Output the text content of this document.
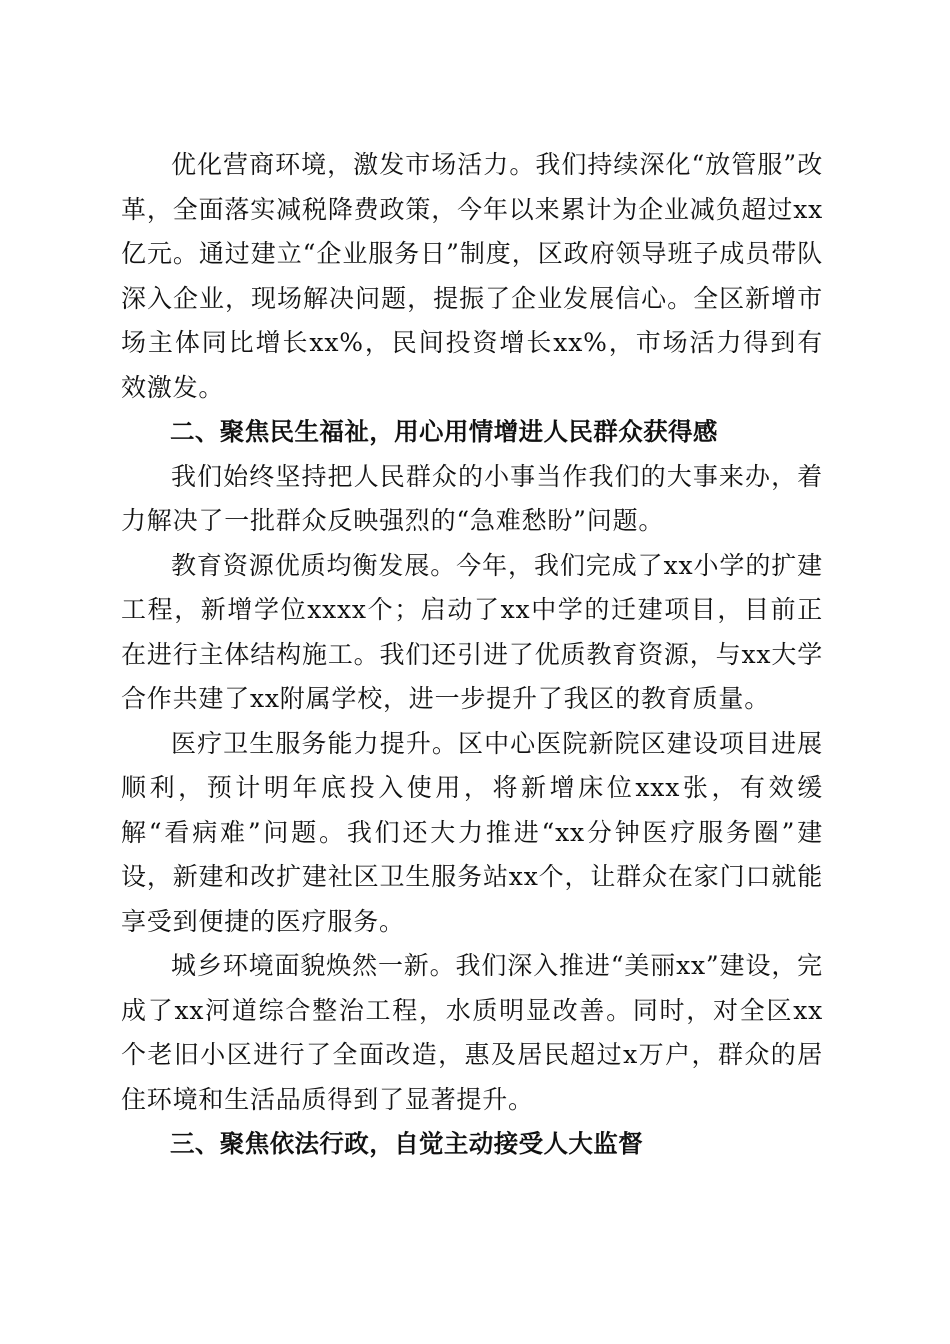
优化营商环境，激发市场活力。我们持续深化“放管服”改革，全面落实减税降费政策，今年以来累计为企业减负超过xx亿元。通过建立“企业服务日”制度，区政府领导班子成员带队深入企业，现场解决问题，提振了企业发展信心。全区新增市场主体同比增长xx%，民间投资增长xx%，市场活力得到有效激发。

二、聚焦民生福祉，用心用情增进人民群众获得感

我们始终坚持把人民群众的小事当作我们的大事来办，着力解决了一批群众反映强烈的“急难愁盼”问题。

教育资源优质均衡发展。今年，我们完成了xx小学的扩建工程，新增学位xxxx个；启动了xx中学的迁建项目，目前正在进行主体结构施工。我们还引进了优质教育资源，与xx大学合作共建了xx附属学校，进一步提升了我区的教育质量。

医疗卫生服务能力提升。区中心医院新院区建设项目进展顺利，预计明年底投入使用，将新增床位xxx张，有效缓解“看病难”问题。我们还大力推进“xx分钟医疗服务圈”建设，新建和改扩建社区卫生服务站xx个，让群众在家门口就能享受到便捷的医疗服务。

城乡环境面貌焕然一新。我们深入推进“美丽xx”建设，完成了xx河道综合整治工程，水质明显改善。同时，对全区xx个老旧小区进行了全面改造，惠及居民超过x万户，群众的居住环境和生活品质得到了显著提升。

三、聚焦依法行政，自觉主动接受人大监督
